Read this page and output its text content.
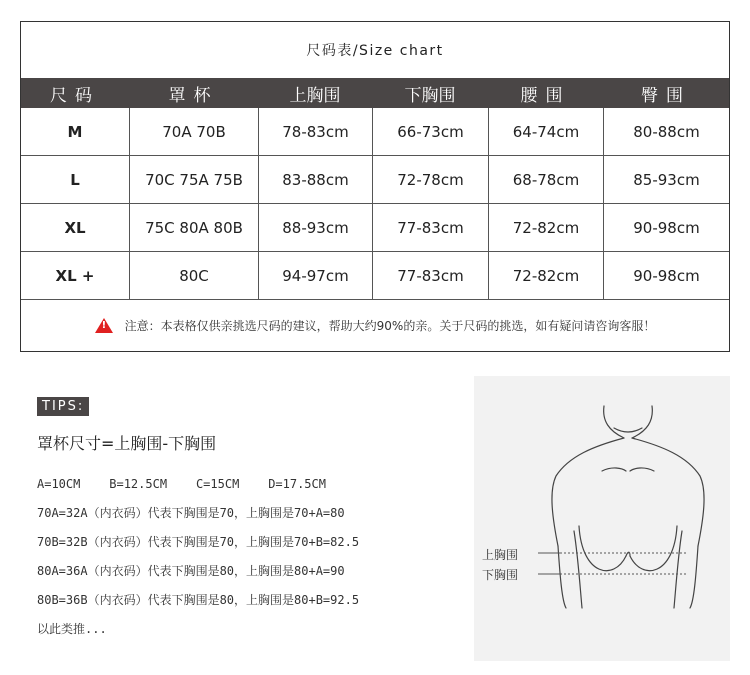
尺码表/Size chart
尺码	罩杯	上胸围	下胸围	腰围	臀围
M	70A 70B	78-83cm	66-73cm	64-74cm	80-88cm
L	70C 75A 75B	83-88cm	72-78cm	68-78cm	85-93cm
XL	75C 80A 80B	88-93cm	77-83cm	72-82cm	90-98cm
XL +	80C	94-97cm	77-83cm	72-82cm	90-98cm
!
注意：本表格仅供亲挑选尺码的建议，帮助大约90%的亲。关于尺码的挑选，如有疑问请咨询客服！
TIPS:
罩杯尺寸=上胸围-下胸围
A=10CM    B=12.5CM    C=15CM    D=17.5CM
70A=32A（内衣码）代表下胸围是70，上胸围是70+A=80
70B=32B（内衣码）代表下胸围是70，上胸围是70+B=82.5
80A=36A（内衣码）代表下胸围是80，上胸围是80+A=90
80B=36B（内衣码）代表下胸围是80，上胸围是80+B=92.5
以此类推...
上胸围
下胸围
